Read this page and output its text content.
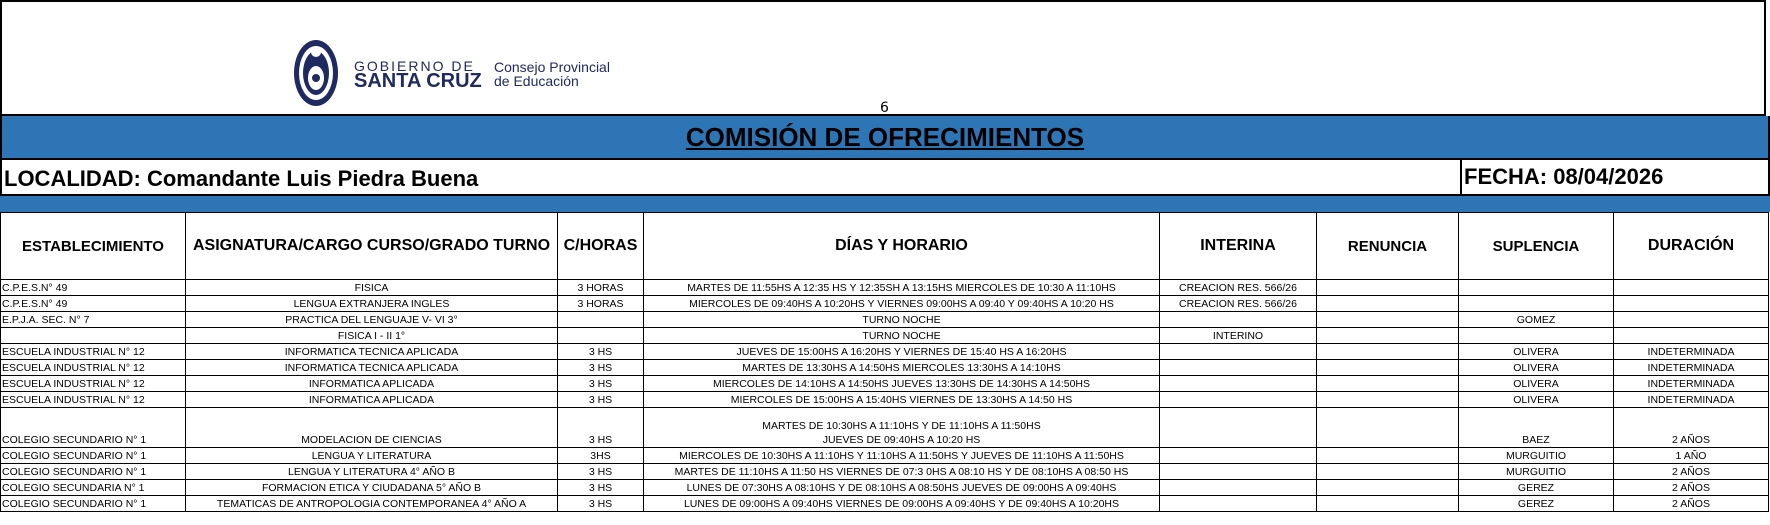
GOBIERNO DE
SANTA CRUZ
Consejo Provincial
de Educación
6
COMISIÓN DE OFRECIMIENTOS
LOCALIDAD: Comandante Luis Piedra Buena	FECHA: 08/04/2026
ESTABLECIMIENTO	ASIGNATURA/CARGO CURSO/GRADO TURNO	C/HORAS	DÍAS Y HORARIO	INTERINA	RENUNCIA	SUPLENCIA	DURACIÓN
C.P.E.S.N° 49	FISICA	3 HORAS	MARTES DE 11:55HS A 12:35 HS Y 12:35SH A 13:15HS MIERCOLES DE 10:30 A 11:10HS	CREACION RES. 566/26			
C.P.E.S.N° 49	LENGUA EXTRANJERA INGLES	3 HORAS	MIERCOLES DE 09:40HS A 10:20HS Y VIERNES 09:00HS A 09:40 Y 09:40HS A 10:20 HS	CREACION RES. 566/26			
E.P.J.A. SEC. N° 7	PRACTICA DEL LENGUAJE V- VI 3°		TURNO NOCHE			GOMEZ	
	FISICA I - II 1°		TURNO NOCHE	INTERINO			
ESCUELA INDUSTRIAL N° 12	INFORMATICA TECNICA APLICADA	3 HS	JUEVES DE 15:00HS A 16:20HS Y VIERNES DE 15:40 HS A 16:20HS			OLIVERA	INDETERMINADA
ESCUELA INDUSTRIAL N° 12	INFORMATICA TECNICA APLICADA	3 HS	MARTES DE 13:30HS A 14:50HS MIERCOLES 13:30HS A 14:10HS			OLIVERA	INDETERMINADA
ESCUELA INDUSTRIAL N° 12	INFORMATICA APLICADA	3 HS	MIERCOLES DE 14:10HS A 14:50HS JUEVES 13:30HS DE 14:30HS A 14:50HS			OLIVERA	INDETERMINADA
ESCUELA INDUSTRIAL N° 12	INFORMATICA APLICADA	3 HS	MIERCOLES DE 15:00HS A 15:40HS VIERNES DE 13:30HS A 14:50 HS			OLIVERA	INDETERMINADA
COLEGIO SECUNDARIO N° 1	MODELACION DE CIENCIAS	3 HS	MARTES DE 10:30HS A 11:10HS Y DE 11:10HS A 11:50HS
JUEVES DE 09:40HS A 10:20 HS			BAEZ	2 AÑOS
COLEGIO SECUNDARIO N° 1	LENGUA Y LITERATURA	3HS	MIERCOLES DE 10:30HS A 11:10HS Y 11:10HS A 11:50HS Y JUEVES DE 11:10HS A 11:50HS			MURGUITIO	1 AÑO
COLEGIO SECUNDARIO N° 1	LENGUA Y LITERATURA 4° AÑO B	3 HS	MARTES DE 11:10HS A 11:50 HS VIERNES DE 07:3 0HS A 08:10 HS Y DE 08:10HS A 08:50 HS			MURGUITIO	2 AÑOS
COLEGIO SECUNDARIA N° 1	FORMACION ETICA Y CIUDADANA 5° AÑO B	3 HS	LUNES DE 07:30HS A 08:10HS Y DE 08:10HS A 08:50HS JUEVES DE 09:00HS A 09:40HS			GEREZ	2 AÑOS
COLEGIO SECUNDARIO N° 1	TEMATICAS DE ANTROPOLOGIA CONTEMPORANEA 4° AÑO A	3 HS	LUNES DE 09:00HS A 09:40HS VIERNES DE 09:00HS A 09:40HS Y DE 09:40HS A 10:20HS			GEREZ	2 AÑOS
